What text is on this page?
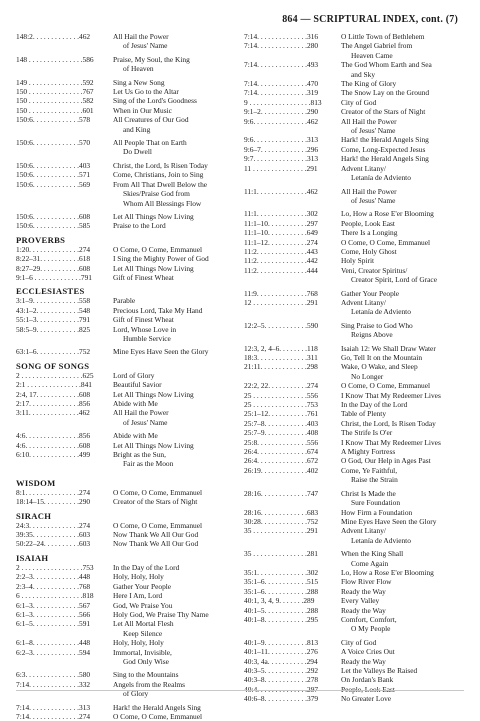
864 — SCRIPTURAL INDEX, cont. (7)
148:2. . . . . . . . . . . . .462	All Hail the Power
of Jesus' Name
148 . . . . . . . . . . . . . . .586	Praise, My Soul, the King
of Heaven
149 . . . . . . . . . . . . . . .592	Sing a New Song
150 . . . . . . . . . . . . . . .767	Let Us Go to the Altar
150 . . . . . . . . . . . . . . .582	Sing of the Lord's Goodness
150 . . . . . . . . . . . . . . .601	When in Our Music
150:6. . . . . . . . . . . . .578	All Creatures of Our God
and King
150:6. . . . . . . . . . . . .570	All People That on Earth
Do Dwell
150:6. . . . . . . . . . . . .403	Christ, the Lord, Is Risen Today
150:6. . . . . . . . . . . . .571	Come, Christians, Join to Sing
150:6. . . . . . . . . . . . .569	From All That Dwell Below the
Skies/Praise God from
Whom All Blessings Flow
150:6. . . . . . . . . . . . .608	Let All Things Now Living
150:6. . . . . . . . . . . . .585	Praise to the Lord
PROVERBS
1:20. . . . . . . . . . . . . .274	O Come, O Come, Emmanuel
8:22–31. . . . . . . . . . .618	I Sing the Mighty Power of God
8:27–29. . . . . . . . . . .608	Let All Things Now Living
9:1–6 . . . . . . . . . . . . .791	Gift of Finest Wheat
ECCLESIASTES
3:1–9. . . . . . . . . . . . .558	Parable
43:1–2. . . . . . . . . . . .548	Precious Lord, Take My Hand
55:1–3. . . . . . . . . . . .791	Gift of Finest Wheat
58:5–9. . . . . . . . . . . .825	Lord, Whose Love in
Humble Service
63:1–6. . . . . . . . . . . .752	Mine Eyes Have Seen the Glory
SONG OF SONGS
2 . . . . . . . . . . . . . . . . .625	Lord of Glory
2:1 . . . . . . . . . . . . . . .841	Beautiful Savior
2:4, 17. . . . . . . . . . . .608	Let All Things Now Living
2:17. . . . . . . . . . . . . .856	Abide with Me
3:11. . . . . . . . . . . . . .462	All Hail the Power
of Jesus' Name
4:6. . . . . . . . . . . . . . .856	Abide with Me
4:6. . . . . . . . . . . . . . .608	Let All Things Now Living
6:10. . . . . . . . . . . . . .499	Bright as the Sun,
Fair as the Moon
WISDOM
8:1. . . . . . . . . . . . . . .274	O Come, O Come, Emmanuel
18:14–15. . . . . . . . . .290	Creator of the Stars of Night
SIRACH
24:3. . . . . . . . . . . . . .274	O Come, O Come, Emmanuel
39:35. . . . . . . . . . . . .603	Now Thank We All Our God
50:22–24. . . . . . . . . .603	Now Thank We All Our God
ISAIAH
2 . . . . . . . . . . . . . . . . .753	In the Day of the Lord
2:2–3. . . . . . . . . . . . .448	Holy, Holy, Holy
2:3–4. . . . . . . . . . . . .768	Gather Your People
6 . . . . . . . . . . . . . . . . .818	Here I Am, Lord
6:1–3. . . . . . . . . . . . .567	God, We Praise You
6:1–3. . . . . . . . . . . . .566	Holy God, We Praise Thy Name
6:1–5. . . . . . . . . . . . .591	Let All Mortal Flesh
Keep Silence
6:1–8. . . . . . . . . . . . .448	Holy, Holy, Holy
6:2–3. . . . . . . . . . . . .594	Immortal, Invisible,
God Only Wise
6:3. . . . . . . . . . . . . . .580	Sing to the Mountains
7:14. . . . . . . . . . . . . .332	Angels from the Realms
of Glory
7:14. . . . . . . . . . . . . .313	Hark! the Herald Angels Sing
7:14. . . . . . . . . . . . . .274	O Come, O Come, Emmanuel
7:14. . . . . . . . . . . . . .316	O Little Town of Bethlehem
7:14. . . . . . . . . . . . . .280	The Angel Gabriel from
Heaven Came
7:14. . . . . . . . . . . . . .493	The God Whom Earth and Sea
and Sky
7:14. . . . . . . . . . . . . .470	The King of Glory
7:14. . . . . . . . . . . . . .319	The Snow Lay on the Ground
9 . . . . . . . . . . . . . . . . .813	City of God
9:1–2. . . . . . . . . . . . .290	Creator of the Stars of Night
9:6. . . . . . . . . . . . . . .462	All Hail the Power
of Jesus' Name
9:6. . . . . . . . . . . . . . .313	Hark! the Herald Angels Sing
9:6–7. . . . . . . . . . . . .296	Come, Long-Expected Jesus
9:7. . . . . . . . . . . . . . .313	Hark! the Herald Angels Sing
11 . . . . . . . . . . . . . . .291	Advent Litany/
Letanía de Adviento
11:1. . . . . . . . . . . . . .462	All Hail the Power
of Jesus' Name
11:1. . . . . . . . . . . . . .302	Lo, How a Rose E'er Blooming
11:1–10. . . . . . . . . . .297	People, Look East
11:1–10. . . . . . . . . . .649	There Is a Longing
11:1–12. . . . . . . . . . .274	O Come, O Come, Emmanuel
11:2. . . . . . . . . . . . . .443	Come, Holy Ghost
11:2. . . . . . . . . . . . . .442	Holy Spirit
11:2. . . . . . . . . . . . . .444	Veni, Creator Spiritus/
Creator Spirit, Lord of Grace
11:9. . . . . . . . . . . . . .768	Gather Your People
12 . . . . . . . . . . . . . . .291	Advent Litany/
Letanía de Adviento
12:2–5. . . . . . . . . . . .590	Sing Praise to God Who
Reigns Above
12:3, 2, 4–6. . . . . . . .118	Isaiah 12: We Shall Draw Water
18:3. . . . . . . . . . . . . .311	Go, Tell It on the Mountain
21:11. . . . . . . . . . . . .298	Wake, O Wake, and Sleep
No Longer
22:2, 22. . . . . . . . . . .274	O Come, O Come, Emmanuel
25 . . . . . . . . . . . . . . .556	I Know That My Redeemer Lives
25 . . . . . . . . . . . . . . .753	In the Day of the Lord
25:1–12. . . . . . . . . . .761	Table of Plenty
25:7–8. . . . . . . . . . . .403	Christ, the Lord, Is Risen Today
25:7–9. . . . . . . . . . . .408	The Strife Is O'er
25:8. . . . . . . . . . . . . .556	I Know That My Redeemer Lives
26:4. . . . . . . . . . . . . .674	A Mighty Fortress
26:4. . . . . . . . . . . . . .672	O God, Our Help in Ages Past
26:19. . . . . . . . . . . . .402	Come, Ye Faithful,
Raise the Strain
28:16. . . . . . . . . . . . .747	Christ Is Made the
Sure Foundation
28:16. . . . . . . . . . . . .683	How Firm a Foundation
30:28. . . . . . . . . . . . .752	Mine Eyes Have Seen the Glory
35 . . . . . . . . . . . . . . .291	Advent Litany/
Letanía de Adviento
35 . . . . . . . . . . . . . . .281	When the King Shall
Come Again
35:1. . . . . . . . . . . . . .302	Lo, How a Rose E'er Blooming
35:1–6. . . . . . . . . . . .515	Flow River Flow
35:1–6. . . . . . . . . . . .288	Ready the Way
40:1, 3, 4, 9. . . . . . .289	Every Valley
40:1–5. . . . . . . . . . . .288	Ready the Way
40:1–8. . . . . . . . . . . .295	Comfort, Comfort,
O My People
40:1–9. . . . . . . . . . . .813	City of God
40:1–11. . . . . . . . . . .276	A Voice Cries Out
40:3, 4a. . . . . . . . . . .294	Ready the Way
40:3–5. . . . . . . . . . . .292	Let the Valleys Be Raised
40:3–8. . . . . . . . . . . .278	On Jordan's Bank
40:4. . . . . . . . . . . . . .297	People, Look East
40:6–8. . . . . . . . . . . .379	No Greater Love
